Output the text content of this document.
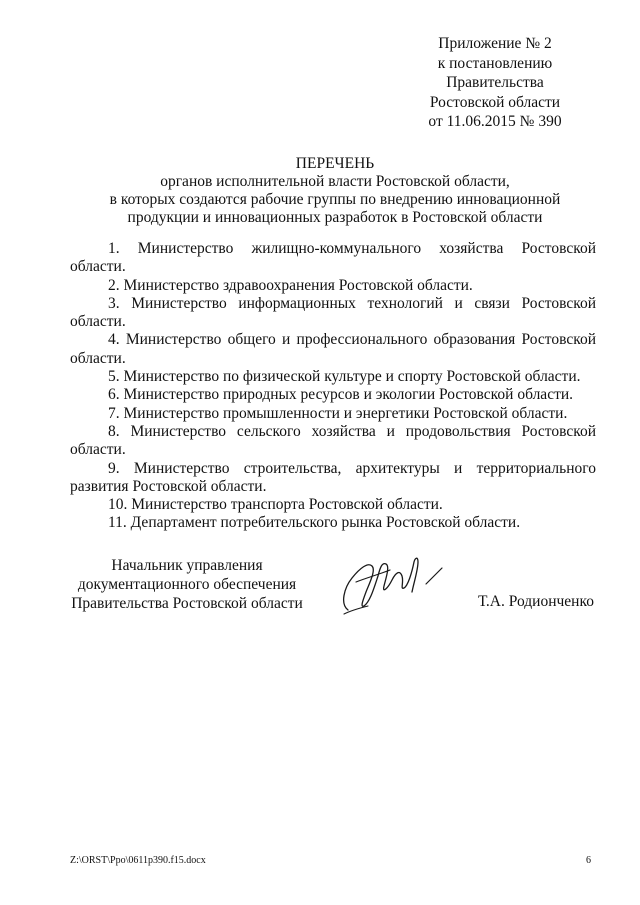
Приложение № 2
к постановлению
Правительства
Ростовской области
от 11.06.2015 № 390
ПЕРЕЧЕНЬ
органов исполнительной власти Ростовской области,
в которых создаются рабочие группы по внедрению инновационной
продукции и инновационных разработок в Ростовской области

1. Министерство жилищно-коммунального хозяйства Ростовской области.

2. Министерство здравоохранения Ростовской области.

3. Министерство информационных технологий и связи Ростовской области.

4. Министерство общего и профессионального образования Ростовской области.

5. Министерство по физической культуре и спорту Ростовской области.

6. Министерство природных ресурсов и экологии Ростовской области.

7. Министерство промышленности и энергетики Ростовской области.

8. Министерство сельского хозяйства и продовольствия Ростовской области.

9. Министерство строительства, архитектуры и территориального развития Ростовской области.

10. Министерство транспорта Ростовской области.

11. Департамент потребительского рынка Ростовской области.

Начальник управления
документационного обеспечения
Правительства Ростовской области	Т.А. Родионченко
Z:\ORST\Ppo\0611p390.f15.docx	6
